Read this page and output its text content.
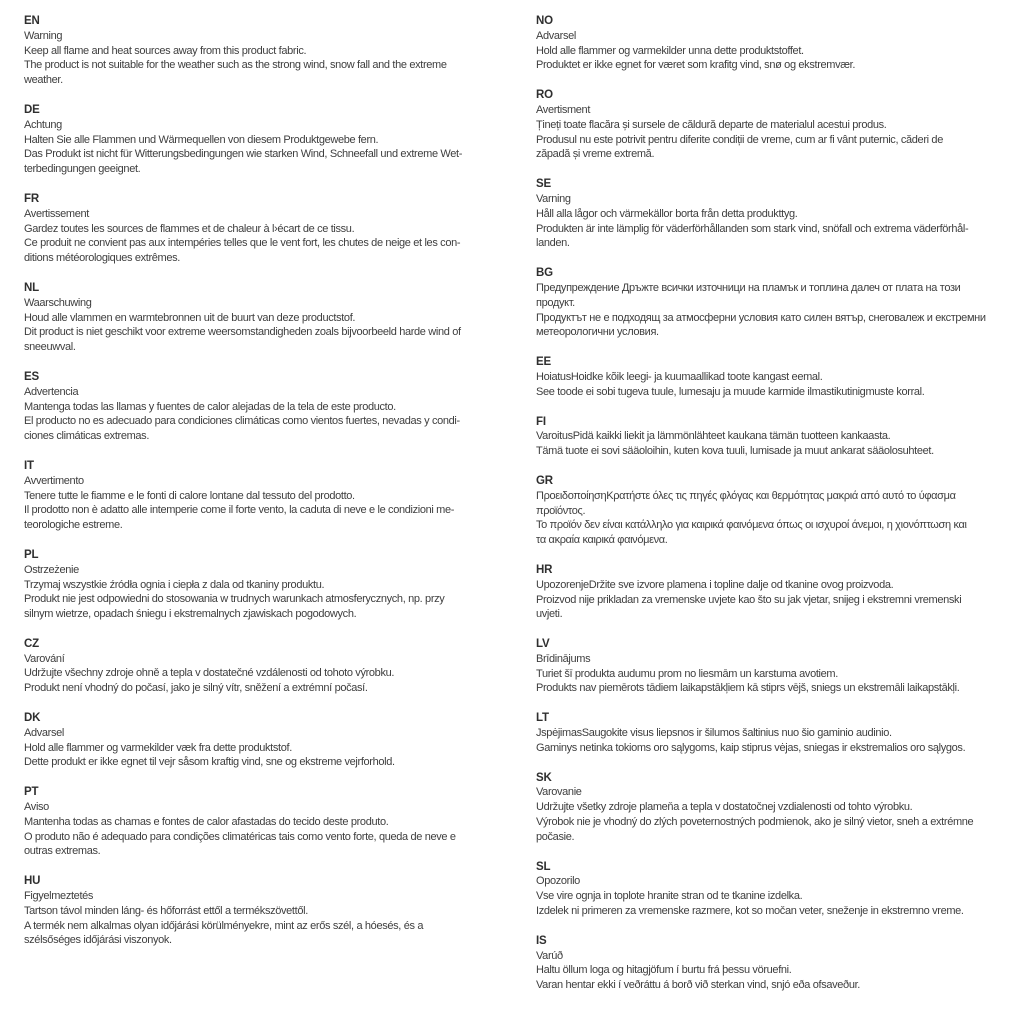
EN
Warning
Keep all flame and heat sources away from this product fabric.
The product is not suitable for the weather such as the strong wind, snow fall and the extreme
weather.
DE
Achtung
Halten Sie alle Flammen und Wärmequellen von diesem Produktgewebe fern.
Das Produkt ist nicht für Witterungsbedingungen wie starken Wind, Schneefall und extreme Wet-
terbedingungen geeignet.
FR
Avertissement
Gardez toutes les sources de flammes et de chaleur à l›écart de ce tissu.
Ce produit ne convient pas aux intempéries telles que le vent fort, les chutes de neige et les con-
ditions météorologiques extrêmes.
NL
Waarschuwing
Houd alle vlammen en warmtebronnen uit de buurt van deze productstof.
Dit product is niet geschikt voor extreme weersomstandigheden zoals bijvoorbeeld harde wind of
sneeuwval.
ES
Advertencia
Mantenga todas las llamas y fuentes de calor alejadas de la tela de este producto.
El producto no es adecuado para condiciones climáticas como vientos fuertes, nevadas y condi-
ciones climáticas extremas.
IT
Avvertimento
Tenere tutte le fiamme e le fonti di calore lontane dal tessuto del prodotto.
Il prodotto non è adatto alle intemperie come il forte vento, la caduta di neve e le condizioni me-
teorologiche estreme.
PL
Ostrzeżenie
Trzymaj wszystkie źródła ognia i ciepła z dala od tkaniny produktu.
Produkt nie jest odpowiedni do stosowania w trudnych warunkach atmosferycznych, np. przy
silnym wietrze, opadach śniegu i ekstremalnych zjawiskach pogodowych.
CZ
Varování
Udržujte všechny zdroje ohně a tepla v dostatečné vzdálenosti od tohoto výrobku.
Produkt není vhodný do počasí, jako je silný vítr, sněžení a extrémní počasí.
DK
Advarsel
Hold alle flammer og varmekilder væk fra dette produktstof.
Dette produkt er ikke egnet til vejr såsom kraftig vind, sne og ekstreme vejrforhold.
PT
Aviso
Mantenha todas as chamas e fontes de calor afastadas do tecido deste produto.
O produto não é adequado para condições climatéricas tais como vento forte, queda de neve e
outras extremas.
HU
Figyelmeztetés
Tartson távol minden láng- és hőforrást ettől a termékszövettől.
A termék nem alkalmas olyan időjárási körülményekre, mint az erős szél, a hóesés, és a
szélsőséges időjárási viszonyok.
NO
Advarsel
Hold alle flammer og varmekilder unna dette produktstoffet.
Produktet er ikke egnet for været som krafitg vind, snø og ekstremvær.
RO
Avertisment
Țineți toate flacăra și sursele de căldură departe de materialul acestui produs.
Produsul nu este potrivit pentru diferite condiții de vreme, cum ar fi vânt puternic, căderi de
zăpadă și vreme extremă.
SE
Varning
Håll alla lågor och värmekällor borta från detta produkttyg.
Produkten är inte lämplig för väderförhållanden som stark vind, snöfall och extrema väderförhål-
landen.
BG
Предупреждение Дръжте всички източници на пламък и топлина далеч от плата на този
продукт.
Продуктът не е подходящ за атмосферни условия като силен вятър, снеговалеж и екстремни
метеорологични условия.
EE
HoiatusHoidke kõik leegi- ja kuumaallikad toote kangast eemal.
See toode ei sobi tugeva tuule, lumesaju ja muude karmide ilmastikutinigmuste korral.
FI
VaroitusPidä kaikki liekit ja lämmönlähteet kaukana tämän tuotteen kankaasta.
Tämä tuote ei sovi sääoloihin, kuten kova tuuli, lumisade ja muut ankarat sääolosuhteet.
GR
ΠροειδοποίησηΚρατήστε όλες τις πηγές φλόγας και θερμότητας μακριά από αυτό το ύφασμα
προϊόντος.
Το προϊόν δεν είναι κατάλληλο για καιρικά φαινόμενα όπως οι ισχυροί άνεμοι, η χιονόπτωση και
τα ακραία καιρικά φαινόμενα.
HR
UpozorenjeDržite sve izvore plamena i topline dalje od tkanine ovog proizvoda.
Proizvod nije prikladan za vremenske uvjete kao što su jak vjetar, snijeg i ekstremni vremenski
uvjeti.
LV
Brīdinājums
Turiet šī produkta audumu prom no liesmām un karstuma avotiem.
Produkts nav piemērots tādiem laikapstākļiem kā stiprs vējš, sniegs un ekstremāli laikapstākļi.
LT
JspėjimasSaugokite visus liepsnos ir šilumos šaltinius nuo šio gaminio audinio.
Gaminys netinka tokioms oro sąlygoms, kaip stiprus vėjas, sniegas ir ekstremalios oro sąlygos.
SK
Varovanie
Udržujte všetky zdroje plameňa a tepla v dostatočnej vzdialenosti od tohto výrobku.
Výrobok nie je vhodný do zlých poveternostných podmienok, ako je silný vietor, sneh a extrémne
počasie.
SL
Opozorilo
Vse vire ognja in toplote hranite stran od te tkanine izdelka.
Izdelek ni primeren za vremenske razmere, kot so močan veter, sneženje in ekstremno vreme.
IS
Varúð
Haltu öllum loga og hitagjöfum í burtu frá þessu vöruefni.
Varan hentar ekki í veðráttu á borð við sterkan vind, snjó eða ofsaveður.
